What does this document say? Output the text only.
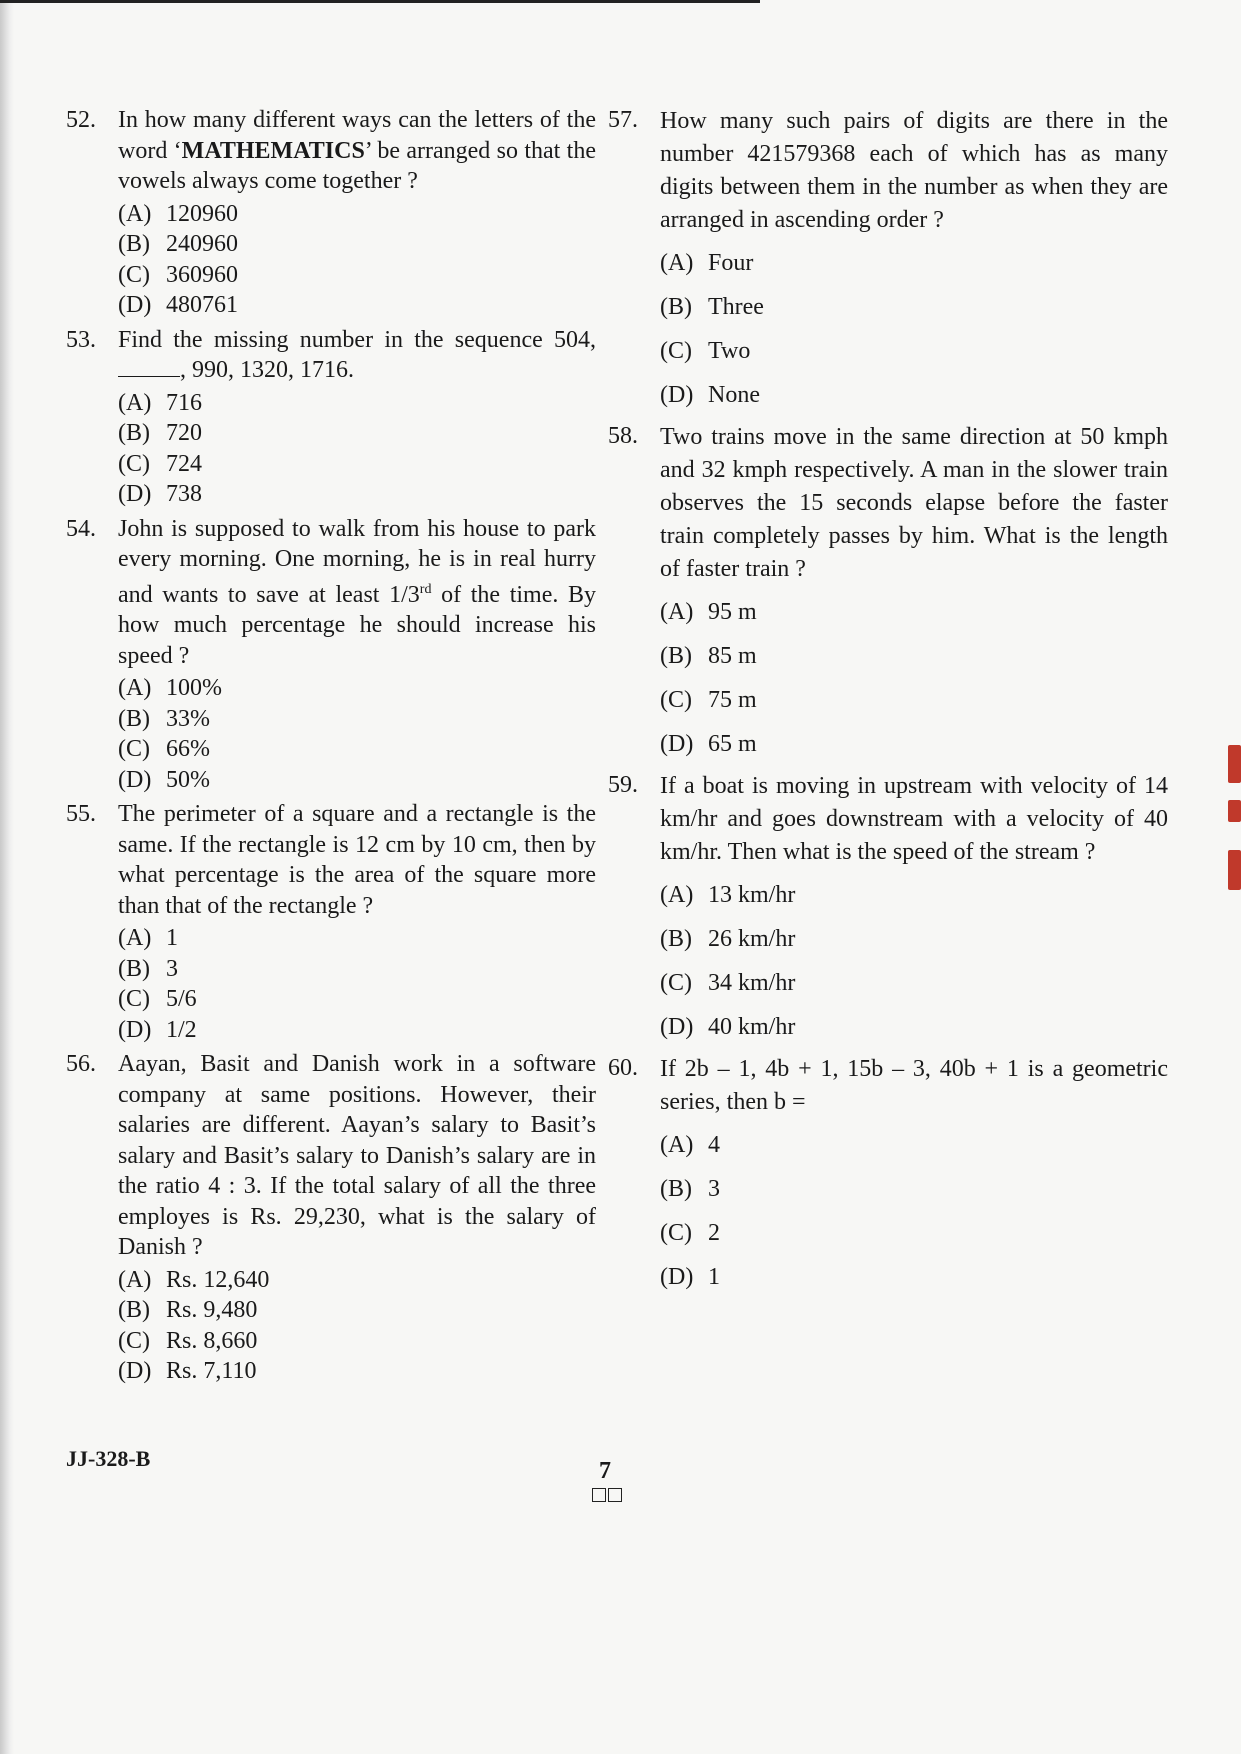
52. In how many different ways can the letters of the word ‘MATHEMATICS’ be arranged so that the vowels always come together ?

(A) 120960
(B) 240960
(C) 360960
(D) 480761
53. Find the missing number in the sequence 504,, 990, 1320, 1716.

(A) 716
(B) 720
(C) 724
(D) 738
54. John is supposed to walk from his house to park every morning. One morning, he is in real hurry and wants to save at least 1/3rd of the time. By how much percentage he should increase his speed ?

(A) 100%
(B) 33%
(C) 66%
(D) 50%
55. The perimeter of a square and a rectangle is the same. If the rectangle is 12 cm by 10 cm, then by what percentage is the area of the square more than that of the rectangle ?

(A) 1
(B) 3
(C) 5/6
(D) 1/2
56. Aayan, Basit and Danish work in a software company at same positions. However, their salaries are different. Aayan’s salary to Basit’s salary and Basit’s salary to Danish’s salary are in the ratio 4 : 3. If the total salary of all the three employes is Rs. 29,230, what is the salary of Danish ?

(A) Rs. 12,640
(B) Rs. 9,480
(C) Rs. 8,660
(D) Rs. 7,110
57. How many such pairs of digits are there in the number 421579368 each of which has as many digits between them in the number as when they are arranged in ascending order ?

(A) Four
(B) Three
(C) Two
(D) None
58. Two trains move in the same direction at 50 kmph and 32 kmph respectively. A man in the slower train observes the 15 seconds elapse before the faster train completely passes by him. What is the length of faster train ?

(A) 95 m
(B) 85 m
(C) 75 m
(D) 65 m
59. If a boat is moving in upstream with velocity of 14 km/hr and goes downstream with a velocity of 40 km/hr. Then what is the speed of the stream ?

(A) 13 km/hr
(B) 26 km/hr
(C) 34 km/hr
(D) 40 km/hr
60. If 2b – 1, 4b + 1, 15b – 3, 40b + 1 is a geometric series, then b =

(A) 4
(B) 3
(C) 2
(D) 1
JJ-328-B	7
